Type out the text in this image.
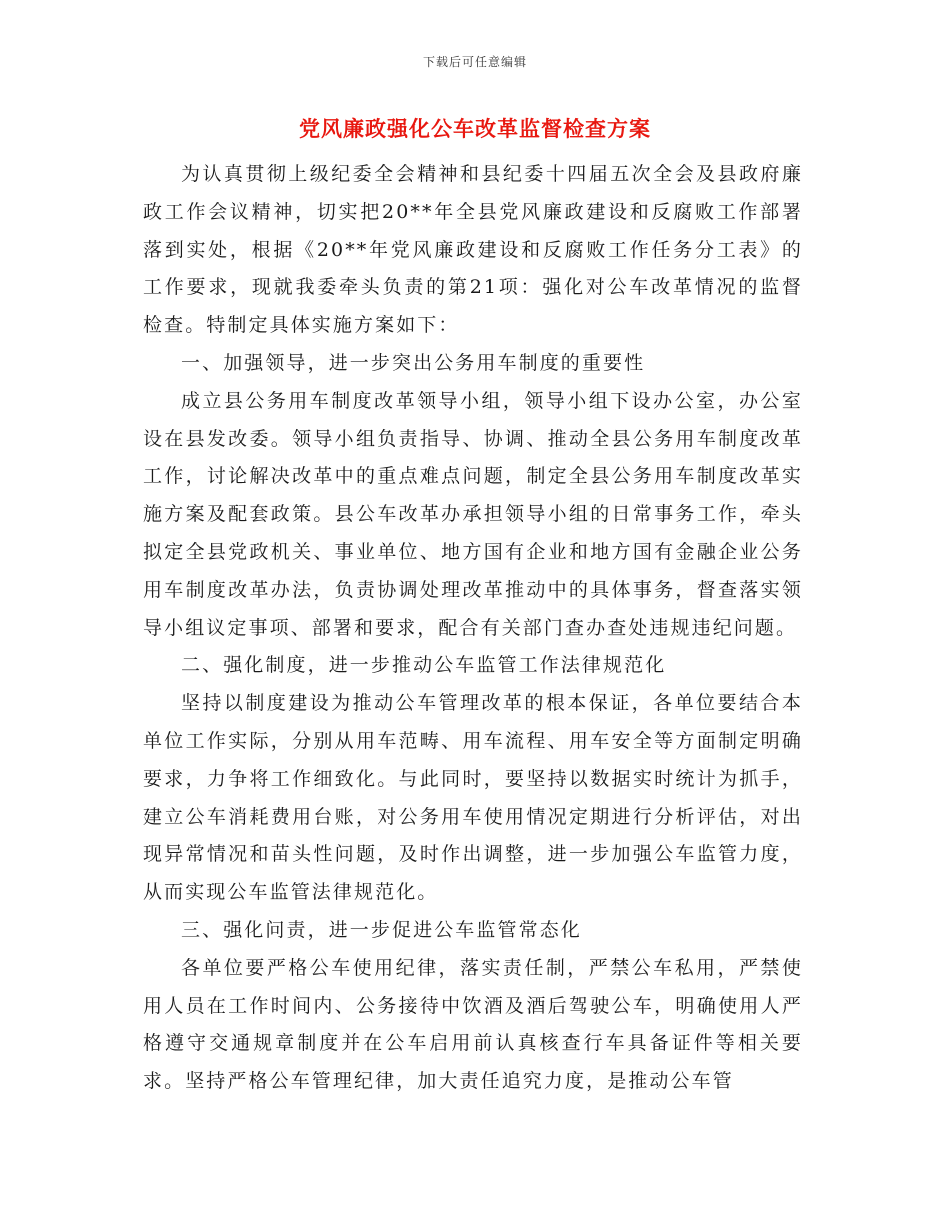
下载后可任意编辑
党风廉政强化公车改革监督检查方案

为认真贯彻上级纪委全会精神和县纪委十四届五次全会及县政府廉政工作会议精神，切实把20**年全县党风廉政建设和反腐败工作部署落到实处，根据《20**年党风廉政建设和反腐败工作任务分工表》的工作要求，现就我委牵头负责的第21项：强化对公车改革情况的监督检查。特制定具体实施方案如下：

一、加强领导，进一步突出公务用车制度的重要性

成立县公务用车制度改革领导小组，领导小组下设办公室，办公室设在县发改委。领导小组负责指导、协调、推动全县公务用车制度改革工作，讨论解决改革中的重点难点问题，制定全县公务用车制度改革实施方案及配套政策。县公车改革办承担领导小组的日常事务工作，牵头拟定全县党政机关、事业单位、地方国有企业和地方国有金融企业公务用车制度改革办法，负责协调处理改革推动中的具体事务，督查落实领导小组议定事项、部署和要求，配合有关部门查办查处违规违纪问题。

二、强化制度，进一步推动公车监管工作法律规范化

坚持以制度建设为推动公车管理改革的根本保证，各单位要结合本单位工作实际，分别从用车范畴、用车流程、用车安全等方面制定明确要求，力争将工作细致化。与此同时，要坚持以数据实时统计为抓手，建立公车消耗费用台账，对公务用车使用情况定期进行分析评估，对出现异常情况和苗头性问题，及时作出调整，进一步加强公车监管力度，从而实现公车监管法律规范化。

三、强化问责，进一步促进公车监管常态化

各单位要严格公车使用纪律，落实责任制，严禁公车私用，严禁使用人员在工作时间内、公务接待中饮酒及酒后驾驶公车，明确使用人严格遵守交通规章制度并在公车启用前认真核查行车具备证件等相关要求。坚持严格公车管理纪律，加大责任追究力度，是推动公车管
